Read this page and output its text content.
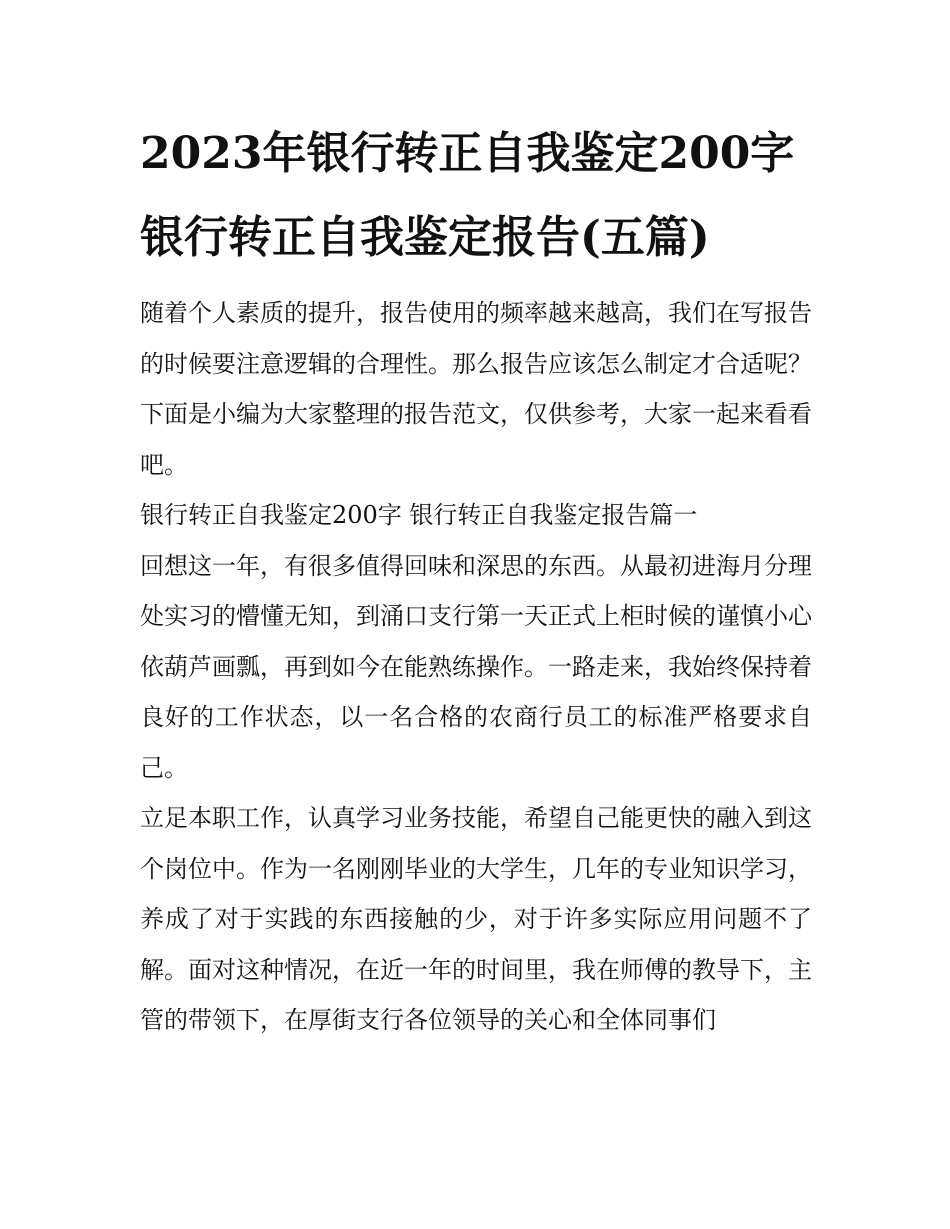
2023年银行转正自我鉴定200字 银行转正自我鉴定报告(五篇)

随着个人素质的提升，报告使用的频率越来越高，我们在写报告的时候要注意逻辑的合理性。那么报告应该怎么制定才合适呢？下面是小编为大家整理的报告范文，仅供参考，大家一起来看看吧。

银行转正自我鉴定200字 银行转正自我鉴定报告篇一

回想这一年，有很多值得回味和深思的东西。从最初进海月分理处实习的懵懂无知，到涌口支行第一天正式上柜时候的谨慎小心依葫芦画瓢，再到如今在能熟练操作。一路走来，我始终保持着良好的工作状态，以一名合格的农商行员工的标准严格要求自己。

立足本职工作，认真学习业务技能，希望自己能更快的融入到这个岗位中。作为一名刚刚毕业的大学生，几年的专业知识学习，养成了对于实践的东西接触的少，对于许多实际应用问题不了解。面对这种情况，在近一年的时间里，我在师傅的教导下，主管的带领下，在厚街支行各位领导的关心和全体同事们
